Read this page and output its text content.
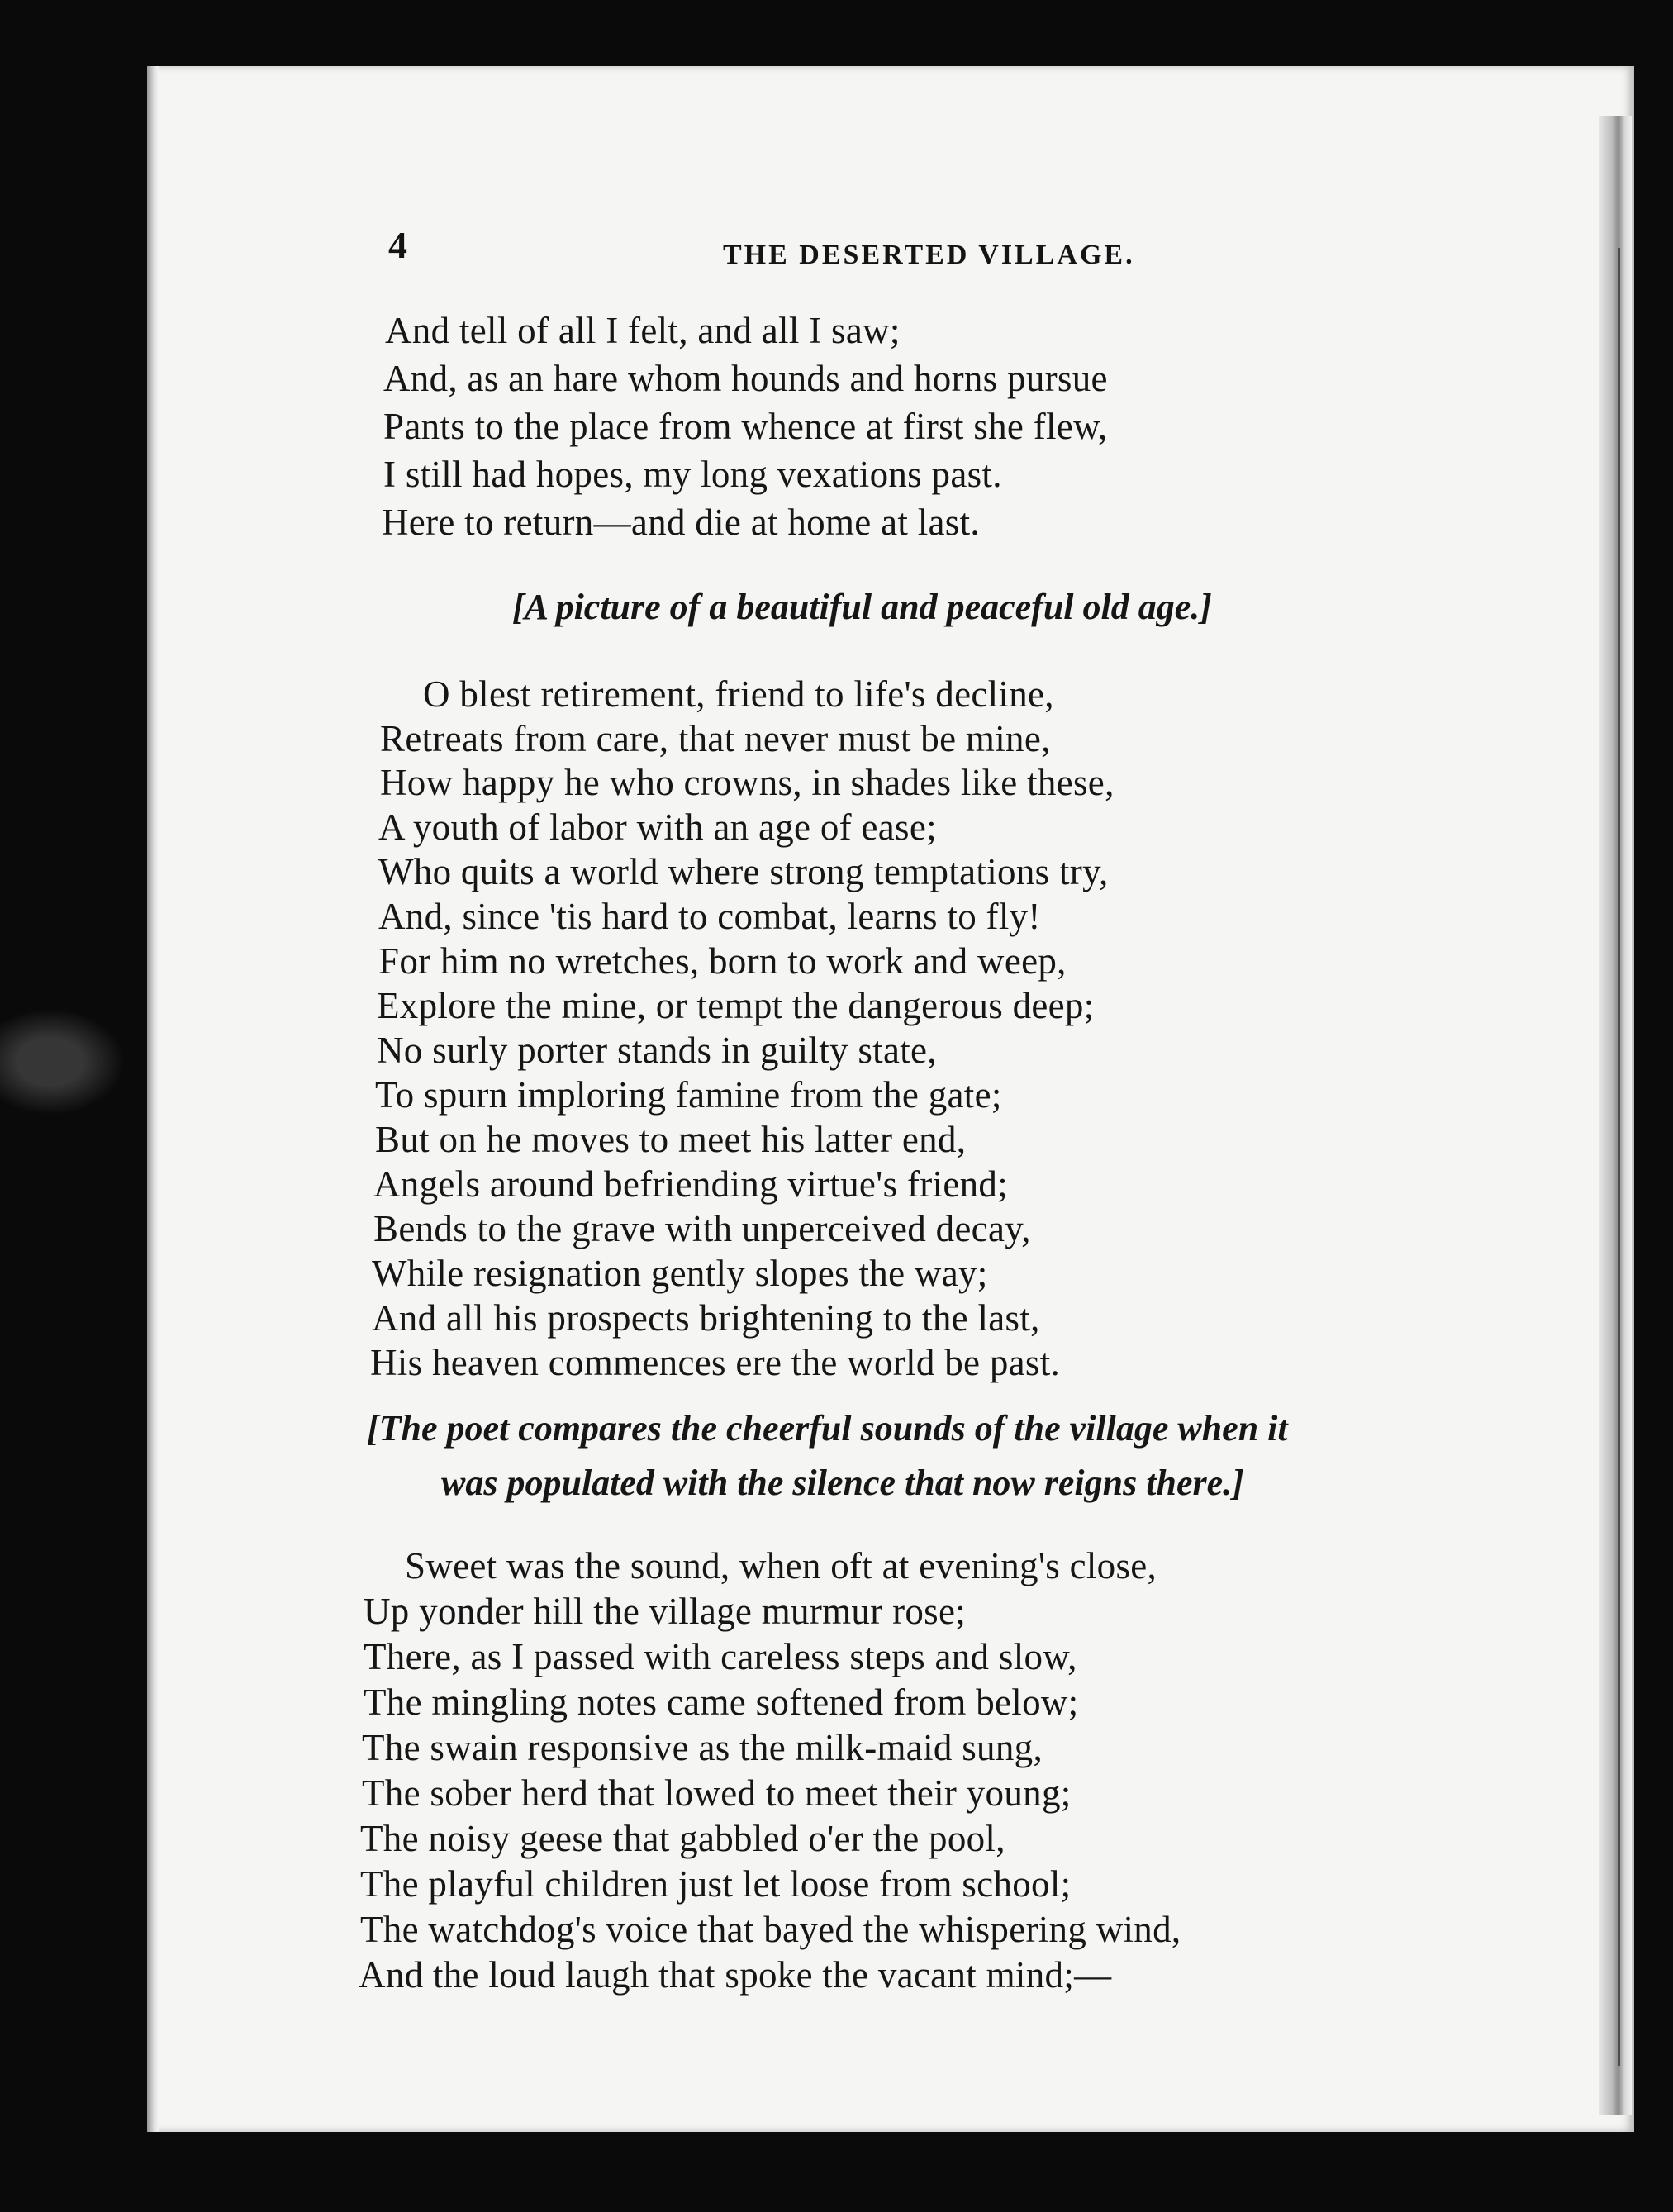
4	THE DESERTED VILLAGE.
And tell of all I felt, and all I saw;
And, as an hare whom hounds and horns pursue
Pants to the place from whence at first she flew,
I still had hopes, my long vexations past.
Here to return—and die at home at last.
[A picture of a beautiful and peaceful old age.]
O blest retirement, friend to life's decline,
Retreats from care, that never must be mine,
How happy he who crowns, in shades like these,
A youth of labor with an age of ease;
Who quits a world where strong temptations try,
And, since 'tis hard to combat, learns to fly!
For him no wretches, born to work and weep,
Explore the mine, or tempt the dangerous deep;
No surly porter stands in guilty state,
To spurn imploring famine from the gate;
But on he moves to meet his latter end,
Angels around befriending virtue's friend;
Bends to the grave with unperceived decay,
While resignation gently slopes the way;
And all his prospects brightening to the last,
His heaven commences ere the world be past.
[The poet compares the cheerful sounds of the village when it
was populated with the silence that now reigns there.]
Sweet was the sound, when oft at evening's close,
Up yonder hill the village murmur rose;
There, as I passed with careless steps and slow,
The mingling notes came softened from below;
The swain responsive as the milk-maid sung,
The sober herd that lowed to meet their young;
The noisy geese that gabbled o'er the pool,
The playful children just let loose from school;
The watchdog's voice that bayed the whispering wind,
And the loud laugh that spoke the vacant mind;—
